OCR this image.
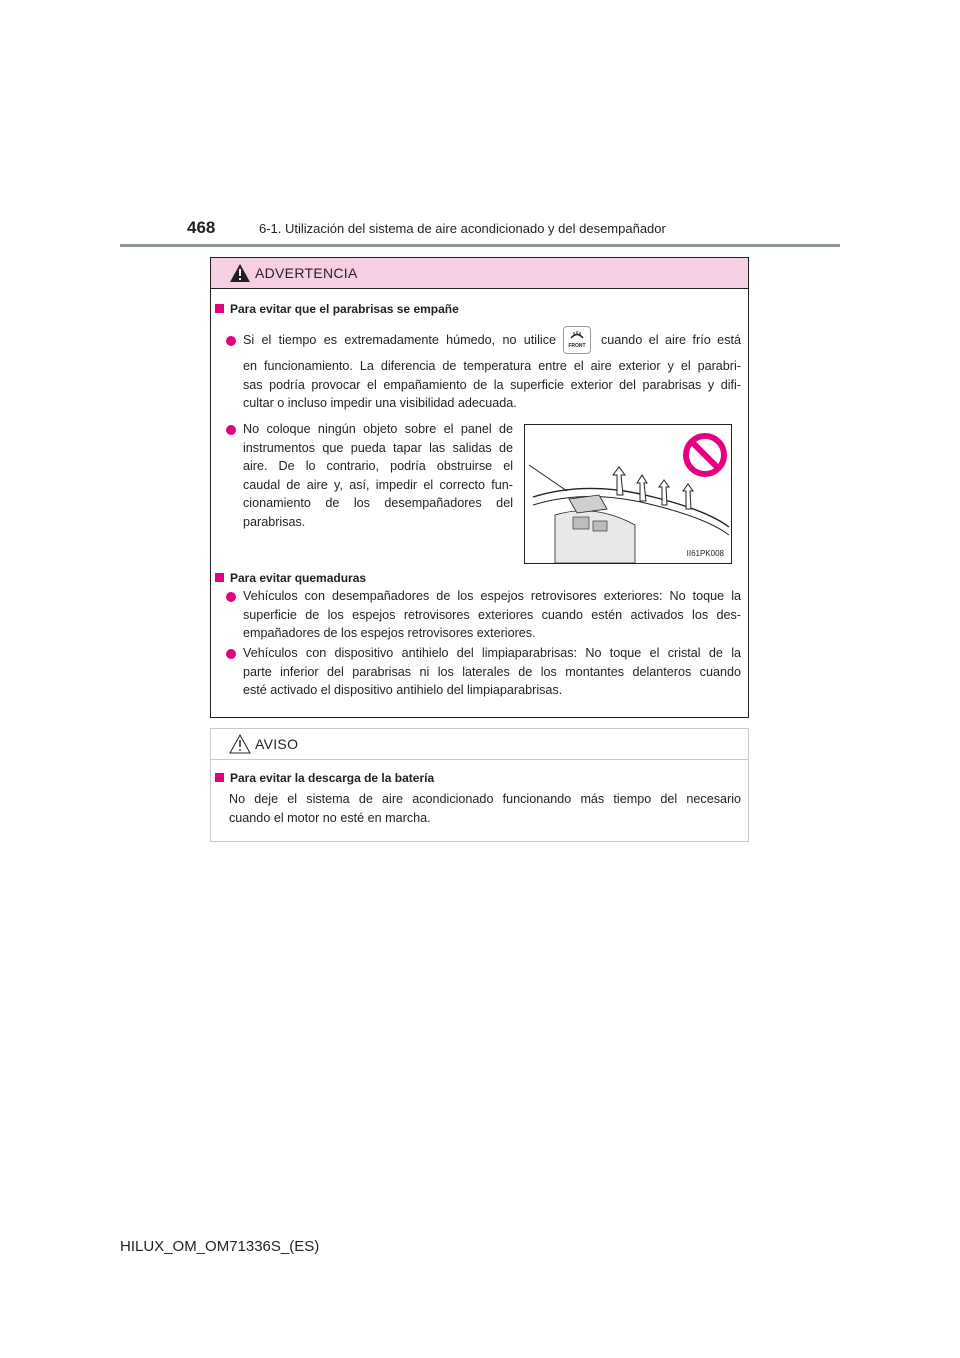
468	6-1. Utilización del sistema de aire acondicionado y del desempañador
ADVERTENCIA
Para evitar que el parabrisas se empañe
Si el tiempo es extremadamente húmedo, no utilice FRONT cuando el aire frío está
en funcionamiento. La diferencia de temperatura entre el aire exterior y el parabri-
sas podría provocar el empañamiento de la superficie exterior del parabrisas y difi-
cultar o incluso impedir una visibilidad adecuada.
No coloque ningún objeto sobre el panel de
instrumentos que pueda tapar las salidas de
aire. De lo contrario, podría obstruirse el
caudal de aire y, así, impedir el correcto fun-
cionamiento de los desempañadores del
parabrisas.
II61PK008
Para evitar quemaduras
Vehículos con desempañadores de los espejos retrovisores exteriores: No toque la
superficie de los espejos retrovisores exteriores cuando estén activados los des-
empañadores de los espejos retrovisores exteriores.
Vehículos con dispositivo antihielo del limpiaparabrisas: No toque el cristal de la
parte inferior del parabrisas ni los laterales de los montantes delanteros cuando
esté activado el dispositivo antihielo del limpiaparabrisas.
AVISO
Para evitar la descarga de la batería
No deje el sistema de aire acondicionado funcionando más tiempo del necesario
cuando el motor no esté en marcha.
HILUX_OM_OM71336S_(ES)
